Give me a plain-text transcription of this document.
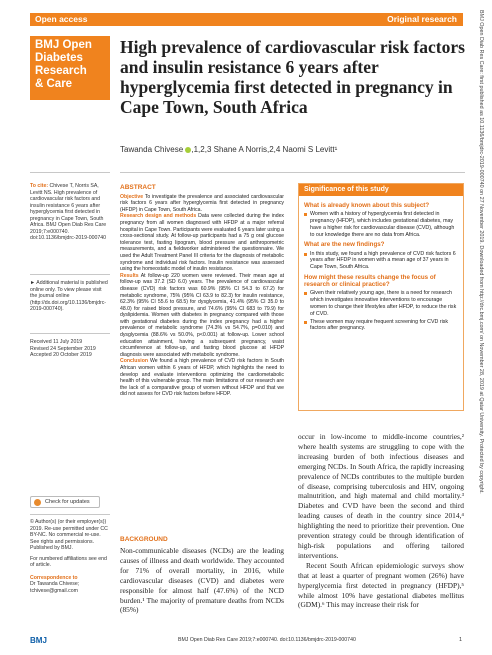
Open access	Original research
BMJ Open
Diabetes
Research
& Care
High prevalence of cardiovascular risk factors and insulin resistance 6 years after hyperglycemia first detected in pregnancy in Cape Town, South Africa
Tawanda Chivese ,1,2,3 Shane A Norris,2,4 Naomi S Levitt¹
To cite: Chivese T, Norris SA, Levitt NS. High prevalence of cardiovascular risk factors and insulin resistance 6 years after hyperglycemia first detected in pregnancy in Cape Town, South Africa. BMJ Open Diab Res Care 2019;7:e000740. doi:10.1136/bmjdrc-2019-000740
► Additional material is published online only. To view please visit the journal online (http://dx.doi.org/10.1136/bmjdrc-2019-000740).
Received 11 July 2019
Revised 24 September 2019
Accepted 20 October 2019
Check for updates
© Author(s) (or their employer(s)) 2019. Re-use permitted under CC BY-NC. No commercial re-use. See rights and permissions. Published by BMJ.
For numbered affiliations see end of article.
Correspondence to
Dr Tawanda Chivese;
tchivese@gmail.com
ABSTRACT
Objective To investigate the prevalence and associated cardiovascular risk factors 6 years after hyperglycemia first detected in pregnancy (HFDP) in Cape Town, South Africa.
Research design and methods Data were collected during the index pregnancy from all women diagnosed with HFDP at a major referral hospital in Cape Town. Participants were evaluated 6 years later using a cross-sectional study. At follow-up participants had a 75 g oral glucose tolerance test, fasting lipogram, blood pressure and anthropometric measurements, and a fieldworker administered the questionnaire. We used the Adult Treatment Panel III criteria for the diagnosis of metabolic syndrome and individual risk factors. Insulin resistance was assessed using the homeostatic model of insulin resistance.
Results At follow-up 220 women were reviewed. Their mean age at follow-up was 37.2 (SD 6.0) years. The prevalence of cardiovascular disease (CVD) risk factors was 60.9% (95% CI 54.3 to 67.2) for metabolic syndrome, 75% (95% CI 63.9 to 82.3) for insulin resistance, 62.3% (95% CI 55.6 to 68.5) for dysglycemia, 41.4% (95% CI 35.0 to 48.0) for raised blood pressure, and 74.6% (95% CI 683 to 79.9) for dyslipidemia. Women with diabetes in pregnancy compared with those with gestational diabetes during the index pregnancy had a higher prevalence of metabolic syndrome (74.3% vs 54.7%, p=0.010) and dysglycemia (88.6% vs 50.0%, p<0.001) at follow-up. Lower school education attainment, having a subsequent pregnancy, waist circumference at follow-up, and fasting blood glucose at HFDP diagnosis were associated with metabolic syndrome.
Conclusion We found a high prevalence of CVD risk factors in South African women within 6 years of HFDP, which highlights the need to develop and evaluate interventions optimizing the cardiometabolic health of this vulnerable group. The main limitations of our research are the lack of a comparative group of women without HFDP and that we did not assess for CVD risk factors before HFDP.
BACKGROUND
Non-communicable diseases (NCDs) are the leading causes of illness and death worldwide. They accounted for 71% of overall mortality, in 2016, while cardiovascular diseases (CVD) and diabetes were responsible for almost half (47.6%) of the NCD burden.¹ The majority of premature deaths from NCDs (85%)
Significance of this study
What is already known about this subject?
Women with a history of hyperglycemia first detected in pregnancy (HFDP), which includes gestational diabetes, may have a higher risk for cardiovascular disease (CVD), although to our knowledge there are no data from Africa.
What are the new findings?
In this study, we found a high prevalence of CVD risk factors 6 years after HFDP in women with a mean age of 37 years in Cape Town, South Africa.
How might these results change the focus of research or clinical practice?
Given their relatively young age, there is a need for research which investigates innovative interventions to encourage women to change their lifestyles after HFDP, to reduce the risk of CVD.
These women may require frequent screening for CVD risk factors after pregnancy.
occur in low-income to middle-income countries,² where health systems are struggling to cope with the increasing burden of both infectious diseases and emerging NCDs. In South Africa, the rapidly increasing prevalence of NCDs contributes to the multiple burden of disease, comprising tuberculosis and HIV, ongoing malnutrition, and high maternal and child mortality.³ Diabetes and CVD have been the second and third leading causes of death in the country since 2014,⁴ highlighting the need to prioritize their prevention. One prevention strategy could be through identification of high-risk populations and offering tailored interventions.
Recent South African epidemiologic surveys show that at least a quarter of pregnant women (26%) have hyperglycemia first detected in pregnancy (HFDP),⁵ while almost 10% have gestational diabetes mellitus (GDM).⁶ This may increase their risk for
BMJ Open Diab Res Care: first published as 10.1136/bmjdrc-2019-000740 on 27 November 2019. Downloaded from http://drc.bmj.com/ on November 28, 2019 at Qatar University. Protected by copyright.
BMJ	BMJ Open Diab Res Care 2019;7:e000740. doi:10.1136/bmjdrc-2019-000740	1
